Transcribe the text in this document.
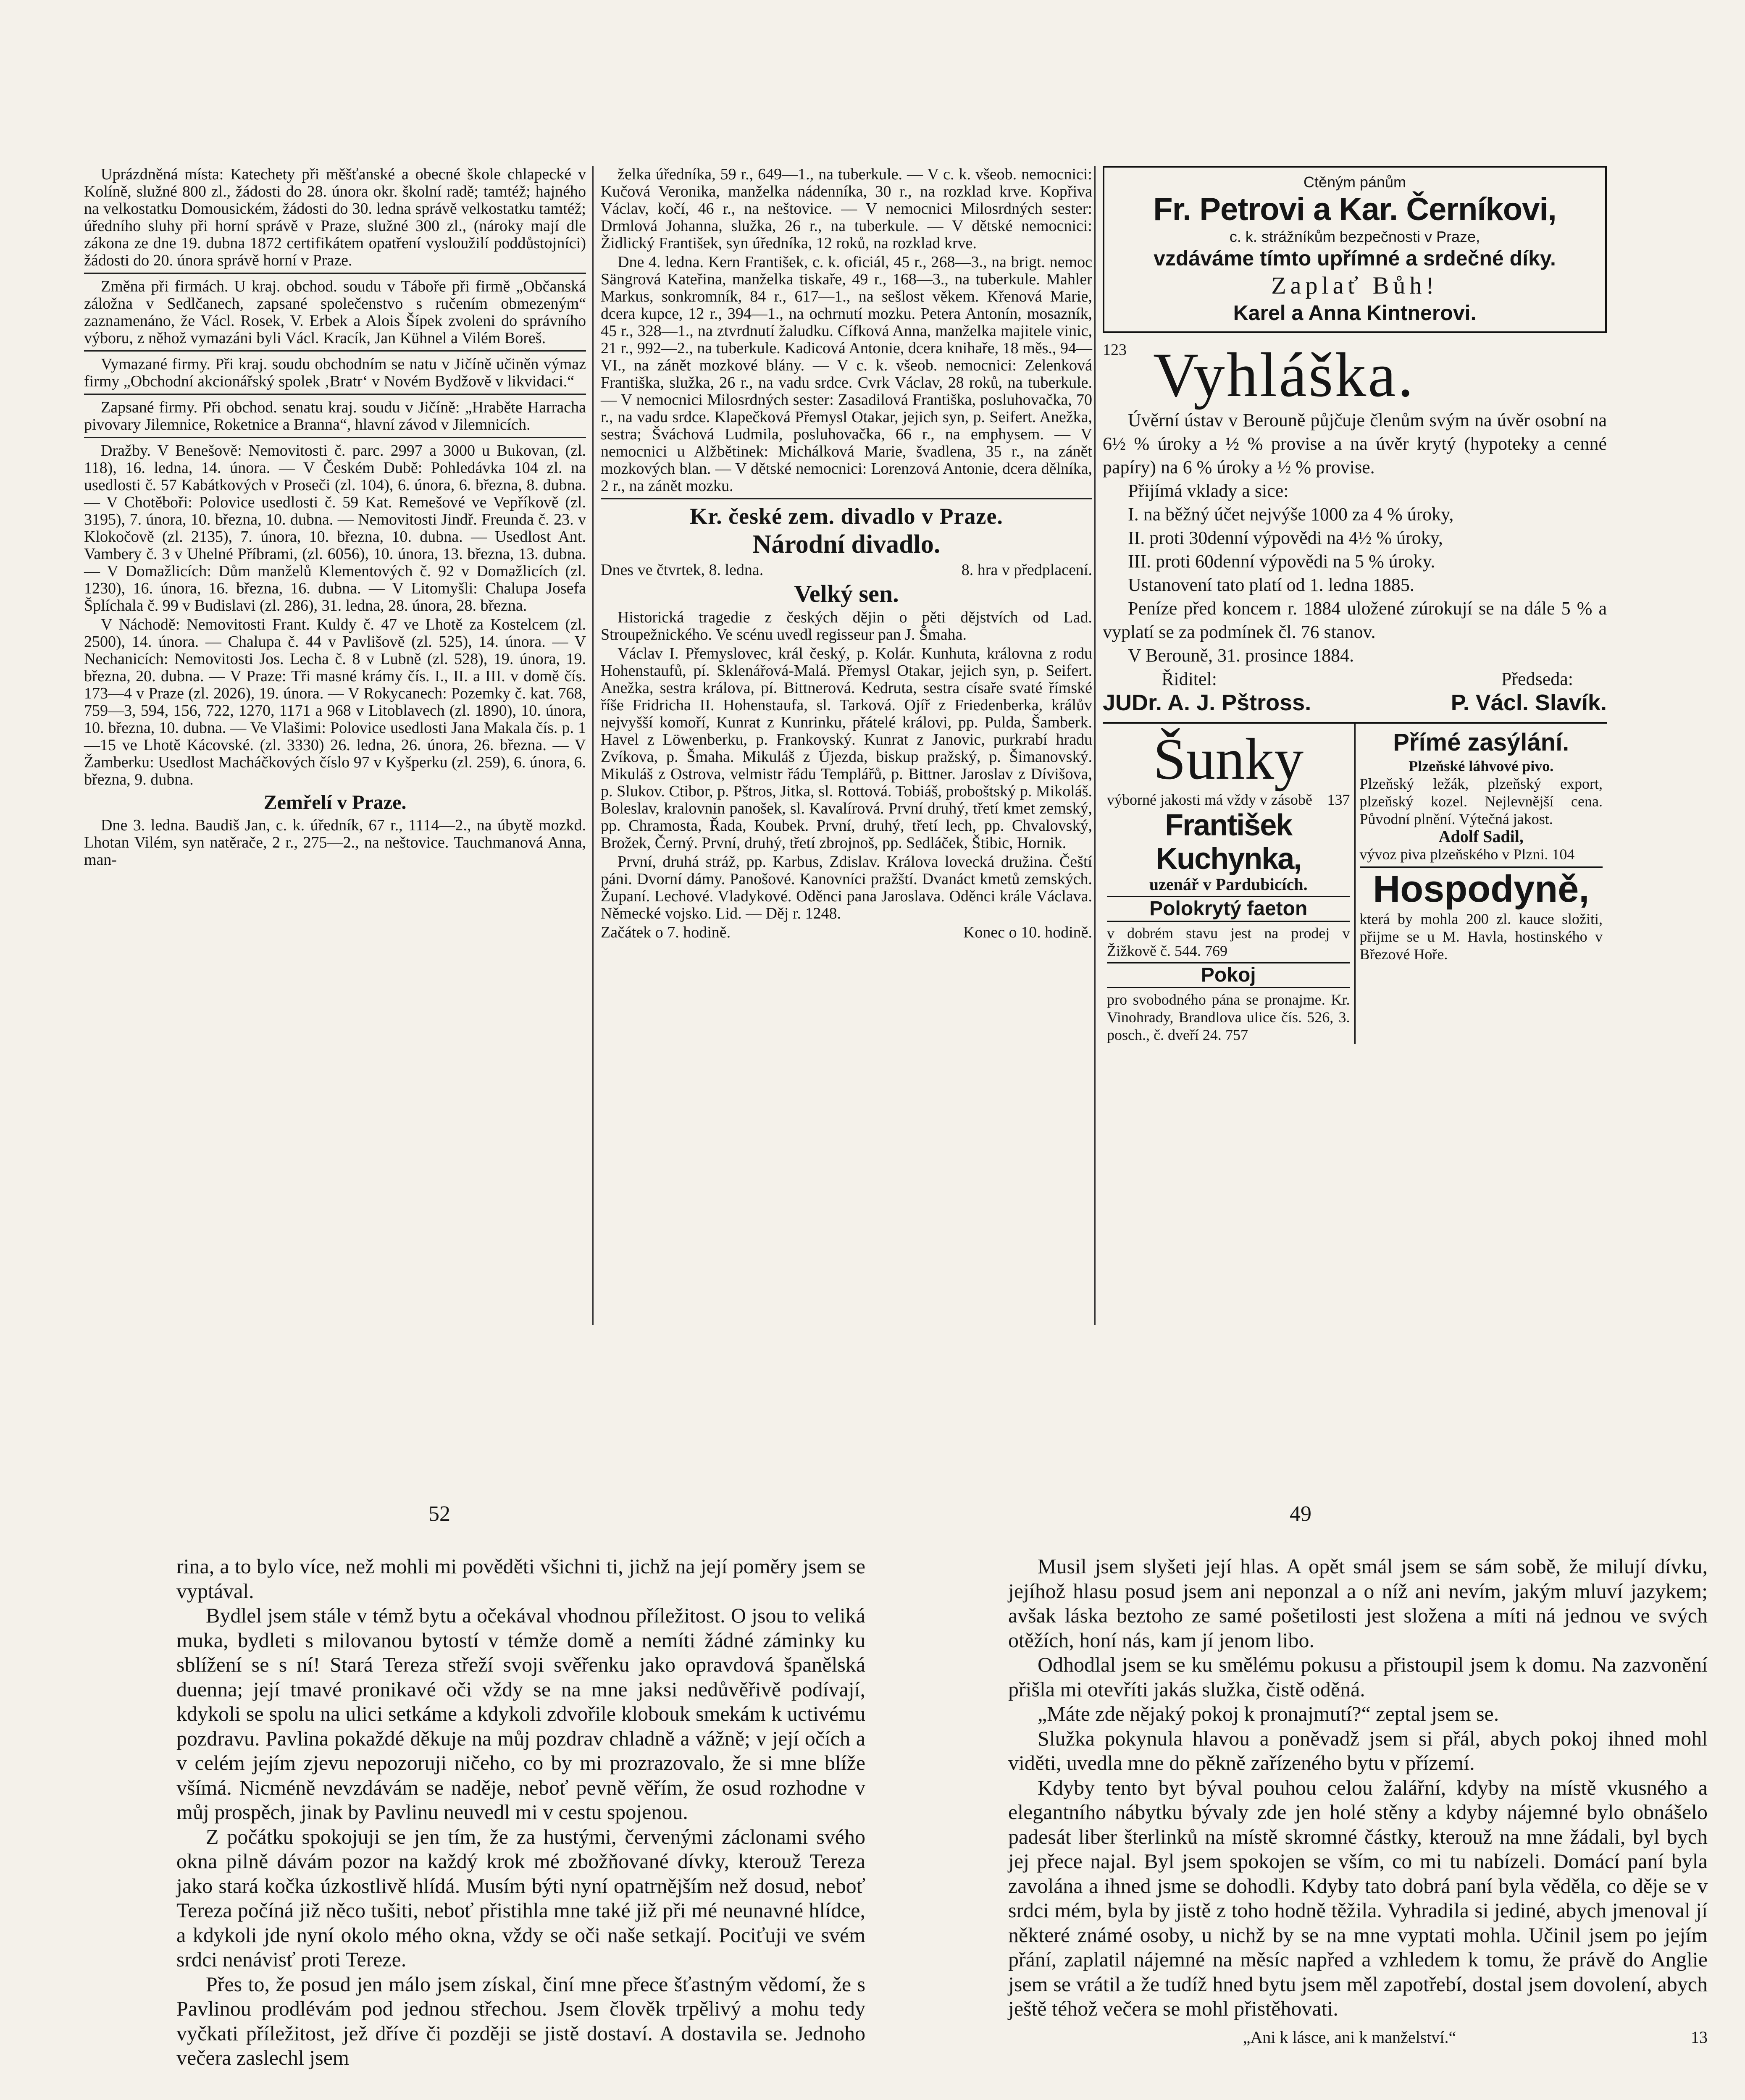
Uprázdněná místa: Katechety při měšťanské a obecné škole chlapecké v Kolíně, služné 800 zl., žádosti do 28. února okr. školní radě; tamtéž; hajného na velkostatku Domousickém, žádosti do 30. ledna správě velkostatku tamtéž; úředního sluhy při horní správě v Praze, služné 300 zl., (nároky mají dle zákona ze dne 19. dubna 1872 certifikátem opatření vysloužilí poddůstojníci) žádosti do 20. února správě horní v Praze.

Změna při firmách. U kraj. obchod. soudu v Táboře při firmě „Občanská záložna v Sedlčanech, zapsané společenstvo s ručením obmezeným“ zaznamenáno, že Václ. Rosek, V. Erbek a Alois Šípek zvoleni do správního výboru, z něhož vymazáni byli Václ. Kracík, Jan Kühnel a Vilém Boreš.

Vymazané firmy. Při kraj. soudu obchodním se natu v Jičíně učiněn výmaz firmy „Obchodní akcionářský spolek ‚Bratr‘ v Novém Bydžově v likvidaci.“

Zapsané firmy. Při obchod. senatu kraj. soudu v Jičíně: „Hraběte Harracha pivovary Jilemnice, Roketnice a Branna“, hlavní závod v Jilemnicích.

Dražby. V Benešově: Nemovitosti č. parc. 2997 a 3000 u Bukovan, (zl. 118), 16. ledna, 14. února. — V Českém Dubě: Pohledávka 104 zl. na usedlosti č. 57 Kabátkových v Proseči (zl. 104), 6. února, 6. března, 8. dubna. — V Chotěboři: Polovice usedlosti č. 59 Kat. Remešové ve Vepříkově (zl. 3195), 7. února, 10. března, 10. dubna. — Nemovitosti Jindř. Freunda č. 23. v Klokočově (zl. 2135), 7. února, 10. března, 10. dubna. — Usedlost Ant. Vambery č. 3 v Uhelné Příbrami, (zl. 6056), 10. února, 13. března, 13. dubna. — V Domažlicích: Dům manželů Klementových č. 92 v Domažlicích (zl. 1230), 16. února, 16. března, 16. dubna. — V Litomyšli: Chalupa Josefa Šplíchala č. 99 v Budislavi (zl. 286), 31. ledna, 28. února, 28. března.

V Náchodě: Nemovitosti Frant. Kuldy č. 47 ve Lhotě za Kostelcem (zl. 2500), 14. února. — Chalupa č. 44 v Pavlišově (zl. 525), 14. února. — V Nechanicích: Nemovitosti Jos. Lecha č. 8 v Lubně (zl. 528), 19. února, 19. března, 20. dubna. — V Praze: Tři masné krámy čís. I., II. a III. v domě čís. 173—4 v Praze (zl. 2026), 19. února. — V Rokycanech: Pozemky č. kat. 768, 759—3, 594, 156, 722, 1270, 1171 a 968 v Litoblavech (zl. 1890), 10. února, 10. března, 10. dubna. — Ve Vlašimi: Polovice usedlosti Jana Makala čís. p. 1—15 ve Lhotě Kácovské. (zl. 3330) 26. ledna, 26. února, 26. března. — V Žamberku: Usedlost Macháčkových číslo 97 v Kyšperku (zl. 259), 6. února, 6. března, 9. dubna.

Zemřelí v Praze.

Dne 3. ledna. Baudiš Jan, c. k. úředník, 67 r., 1114—2., na úbytě mozkd. Lhotan Vilém, syn natěrače, 2 r., 275—2., na neštovice. Tauchmanová Anna, man-

želka úředníka, 59 r., 649—1., na tuberkule. — V c. k. všeob. nemocnici: Kučová Veronika, manželka nádenníka, 30 r., na rozklad krve. Kopřiva Václav, kočí, 46 r., na neštovice. — V nemocnici Milosrdných sester: Drmlová Johanna, služka, 26 r., na tuberkule. — V dětské nemocnici: Židlický František, syn úředníka, 12 roků, na rozklad krve.

Dne 4. ledna. Kern František, c. k. oficiál, 45 r., 268—3., na brigt. nemoc Sängrová Kateřina, manželka tiskaře, 49 r., 168—3., na tuberkule. Mahler Markus, sonkromník, 84 r., 617—1., na sešlost věkem. Křenová Marie, dcera kupce, 12 r., 394—1., na ochrnutí mozku. Petera Antonín, mosazník, 45 r., 328—1., na ztvrdnutí žaludku. Cífková Anna, manželka majitele vinic, 21 r., 992—2., na tuberkule. Kadicová Antonie, dcera knihaře, 18 měs., 94—VI., na zánět mozkové blány. — V c. k. všeob. nemocnici: Zelenková Františka, služka, 26 r., na vadu srdce. Cvrk Václav, 28 roků, na tuberkule. — V nemocnici Milosrdných sester: Zasadilová Františka, posluhovačka, 70 r., na vadu srdce. Klapečková Přemysl Otakar, jejich syn, p. Seifert. Anežka, sestra; Šváchová Ludmila, posluhovačka, 66 r., na emphysem. — V nemocnici u Alžbětinek: Michálková Marie, švadlena, 35 r., na zánět mozkových blan. — V dětské nemocnici: Lorenzová Antonie, dcera dělníka, 2 r., na zánět mozku.

Kr. české zem. divadlo v Praze.
Národní divadlo.

Dnes ve čtvrtek, 8. ledna.	8. hra v předplacení.

Velký sen.

Historická tragedie z českých dějin o pěti dějstvích od Lad. Stroupežnického. Ve scénu uvedl regisseur pan J. Šmaha.

Václav I. Přemyslovec, král český, p. Kolár. Kunhuta, královna z rodu Hohenstaufů, pí. Sklenářová-Malá. Přemysl Otakar, jejich syn, p. Seifert. Anežka, sestra králova, pí. Bittnerová. Kedruta, sestra císaře svaté římské říše Fridricha II. Hohenstaufa, sl. Tarková. Ojíř z Friedenberka, králův nejvyšší komoří, Kunrat z Kunrinku, přátelé královi, pp. Pulda, Šamberk. Havel z Löwenberku, p. Frankovský. Kunrat z Janovic, purkrabí hradu Zvíkova, p. Šmaha. Mikuláš z Újezda, biskup pražský, p. Šimanovský. Mikuláš z Ostrova, velmistr řádu Templářů, p. Bittner. Jaroslav z Dívišova, p. Slukov. Ctibor, p. Pštros, Jitka, sl. Rottová. Tobiáš, proboštský p. Mikoláš. Boleslav, kralovnin panošek, sl. Kavalírová. První druhý, třetí kmet zemský, pp. Chramosta, Řada, Koubek. První, druhý, třetí lech, pp. Chvalovský, Brožek, Černý. První, druhý, třetí zbrojnoš, pp. Sedláček, Štibic, Hornik.

První, druhá stráž, pp. Karbus, Zdislav. Králova lovecká družina. Čeští páni. Dvorní dámy. Panošové. Kanovníci pražští. Dvanáct kmetů zemských. Županí. Lechové. Vladykové. Oděnci pana Jaroslava. Oděnci krále Václava. Německé vojsko. Lid. — Děj r. 1248.

Začátek o 7. hodině.	Konec o 10. hodině.

Ctěným pánům
Fr. Petrovi a Kar. Černíkovi,
c. k. strážníkům bezpečnosti v Praze,
vzdáváme tímto upřímné a srdečné díky.
Zaplať Bůh!
Karel a Anna Kintnerovi.
123 Vyhláška.

Úvěrní ústav v Berouně půjčuje členům svým na úvěr osobní na 6½ % úroky a ½ % provise a na úvěr krytý (hypoteky a cenné papíry) na 6 % úroky a ½ % provise.

Přijímá vklady a sice:

I. na běžný účet nejvýše 1000 za 4 % úroky,

II. proti 30denní výpovědi na 4½ % úroky,

III. proti 60denní výpovědi na 5 % úroky.

Ustanovení tato platí od 1. ledna 1885.

Peníze před koncem r. 1884 uložené zúrokují se na dále 5 % a vyplatí se za podmínek čl. 76 stanov.

V Berouně, 31. prosince 1884.

Řiditel:	Předseda:
JUDr. A. J. Pštross.	P. Václ. Slavík.
Šunky
výborné jakosti má vždy v zásobě 137
František Kuchynka,
uzenář v Pardubicích.
Polokrytý faeton
v dobrém stavu jest na prodej v Žižkově č. 544. 769
Pokoj
pro svobodného pána se pronajme. Kr. Vinohrady, Brandlova ulice čís. 526, 3. posch., č. dveří 24. 757
Přímé zasýlání.
Plzeňské láhvové pivo.
Plzeňský ležák, plzeňský export, plzeňský kozel. Nejlevnější cena. Původní plnění. Výtečná jakost.
Adolf Sadil,
vývoz piva plzeňského v Plzni. 104
Hospodyně,
která by mohla 200 zl. kauce složiti, přijme se u M. Havla, hostinského v Březové Hoře.
52	49

rina, a to bylo více, než mohli mi pověděti všichni ti, jichž na její poměry jsem se vyptával.

Bydlel jsem stále v témž bytu a očekával vhodnou příležitost. O jsou to veliká muka, bydleti s milovanou bytostí v témže domě a nemíti žádné záminky ku sblížení se s ní! Stará Tereza střeží svoji svěřenku jako opravdová španělská duenna; její tmavé pronikavé oči vždy se na mne jaksi nedůvěřivě podívají, kdykoli se spolu na ulici setkáme a kdykoli zdvořile klobouk smekám k uctivému pozdravu. Pavlina pokaždé děkuje na můj pozdrav chladně a vážně; v její očích a v celém jejím zjevu nepozoruji ničeho, co by mi prozrazovalo, že si mne blíže všímá. Nicméně nevzdávám se naděje, neboť pevně věřím, že osud rozhodne v můj prospěch, jinak by Pavlinu neuvedl mi v cestu spojenou.

Z počátku spokojuji se jen tím, že za hustými, červenými záclonami svého okna pilně dávám pozor na každý krok mé zbožňované dívky, kterouž Tereza jako stará kočka úzkostlivě hlídá. Musím býti nyní opatrnějším než dosud, neboť Tereza počíná již něco tušiti, neboť přistihla mne také již při mé neunavné hlídce, a kdykoli jde nyní okolo mého okna, vždy se oči naše setkají. Pociťuji ve svém srdci nenávisť proti Tereze.

Přes to, že posud jen málo jsem získal, činí mne přece šťastným vědomí, že s Pavlinou prodlévám pod jednou střechou. Jsem člověk trpělivý a mohu tedy vyčkati příležitost, jež dříve či později se jistě dostaví. A dostavila se. Jednoho večera zaslechl jsem

Musil jsem slyšeti její hlas. A opět smál jsem se sám sobě, že milují dívku, jejíhož hlasu posud jsem ani neponzal a o níž ani nevím, jakým mluví jazykem; avšak láska beztoho ze samé pošetilosti jest složena a míti ná jednou ve svých otěžích, honí nás, kam jí jenom libo.

Odhodlal jsem se ku smělému pokusu a přistoupil jsem k domu. Na zazvonění přišla mi otevříti jakás služka, čistě oděná.

„Máte zde nějaký pokoj k pronajmutí?“ zeptal jsem se.

Služka pokynula hlavou a poněvadž jsem si přál, abych pokoj ihned mohl viděti, uvedla mne do pěkně zařízeného bytu v přízemí.

Kdyby tento byt býval pouhou celou žalářní, kdyby na místě vkusného a elegantního nábytku bývaly zde jen holé stěny a kdyby nájemné bylo obnášelo padesát liber šterlinků na místě skromné částky, kterouž na mne žádali, byl bych jej přece najal. Byl jsem spokojen se vším, co mi tu nabízeli. Domácí paní byla zavolána a ihned jsme se dohodli. Kdyby tato dobrá paní byla věděla, co děje se v srdci mém, byla by jistě z toho hodně těžila. Vyhradila si jediné, abych jmenoval jí některé známé osoby, u nichž by se na mne vyptati mohla. Učinil jsem po jejím přání, zaplatil nájemné na měsíc napřed a vzhledem k tomu, že právě do Anglie jsem se vrátil a že tudíž hned bytu jsem měl zapotřebí, dostal jsem dovolení, abych ještě téhož večera se mohl přistěhovati.

„Ani k lásce, ani k manželství.“	13
